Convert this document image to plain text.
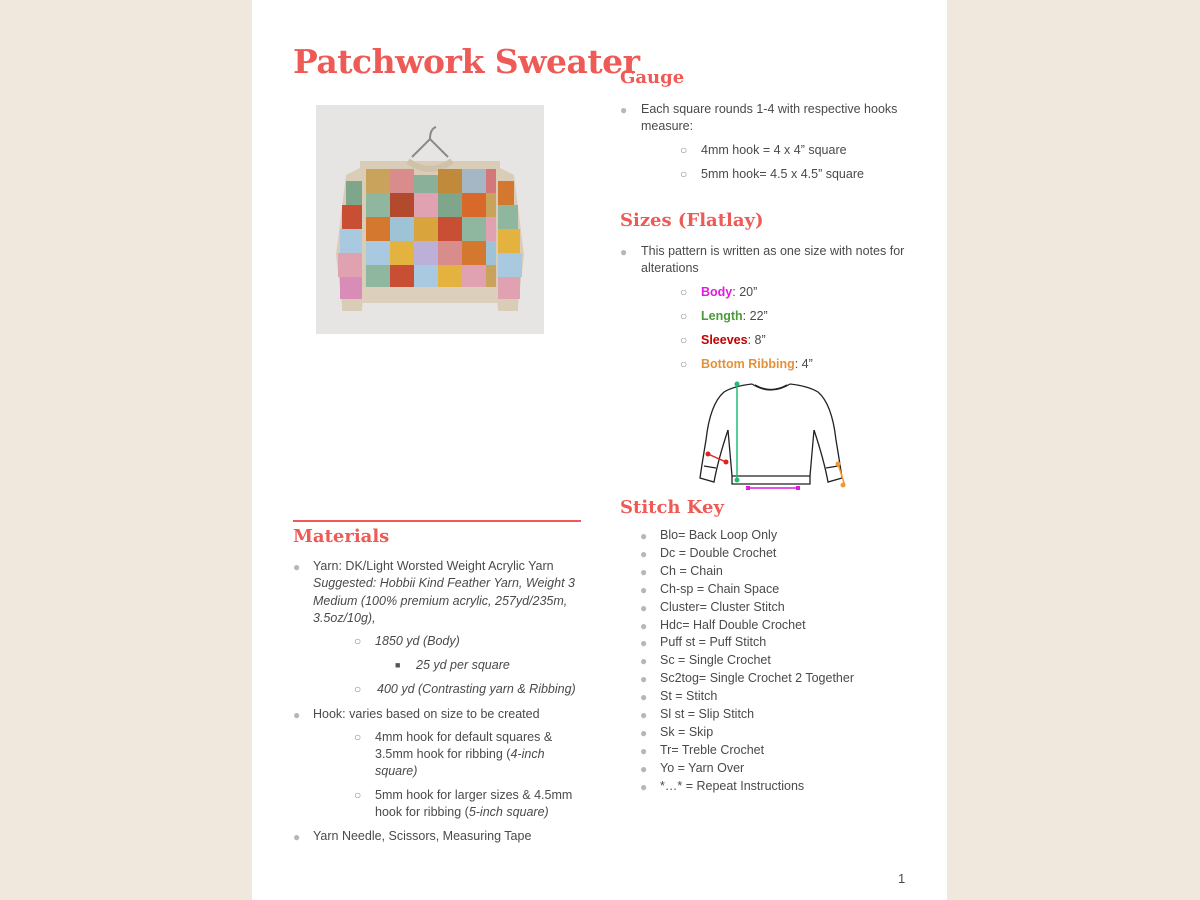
Patchwork Sweater
Materials
● Yarn: DK/Light Worsted Weight Acrylic Yarn
Suggested: Hobbii Kind Feather Yarn, Weight 3
Medium (100% premium acrylic, 257yd/235m,
3.5oz/10g),
○ 1850 yd (Body)
■ 25 yd per square
○ 400 yd (Contrasting yarn & Ribbing)
● Hook: varies based on size to be created
○ 4mm hook for default squares &
3.5mm hook for ribbing (4-inch
square)
○ 5mm hook for larger sizes & 4.5mm
hook for ribbing (5-inch square)
● Yarn Needle, Scissors, Measuring Tape
Gauge
● Each square rounds 1-4 with respective hooks
measure:
○ 4mm hook = 4 x 4” square
○ 5mm hook= 4.5 x 4.5” square
Sizes (Flatlay)
● This pattern is written as one size with notes for
alterations
○ Body: 20”
○ Length: 22”
○ Sleeves: 8”
○ Bottom Ribbing: 4”
Stitch Key
● Blo= Back Loop Only
● Dc = Double Crochet
● Ch = Chain
● Ch-sp = Chain Space
● Cluster= Cluster Stitch
● Hdc= Half Double Crochet
● Puff st = Puff Stitch
● Sc = Single Crochet
● Sc2tog= Single Crochet 2 Together
● St = Stitch
● Sl st = Slip Stitch
● Sk = Skip
● Tr= Treble Crochet
● Yo = Yarn Over
● *…* = Repeat Instructions
1
